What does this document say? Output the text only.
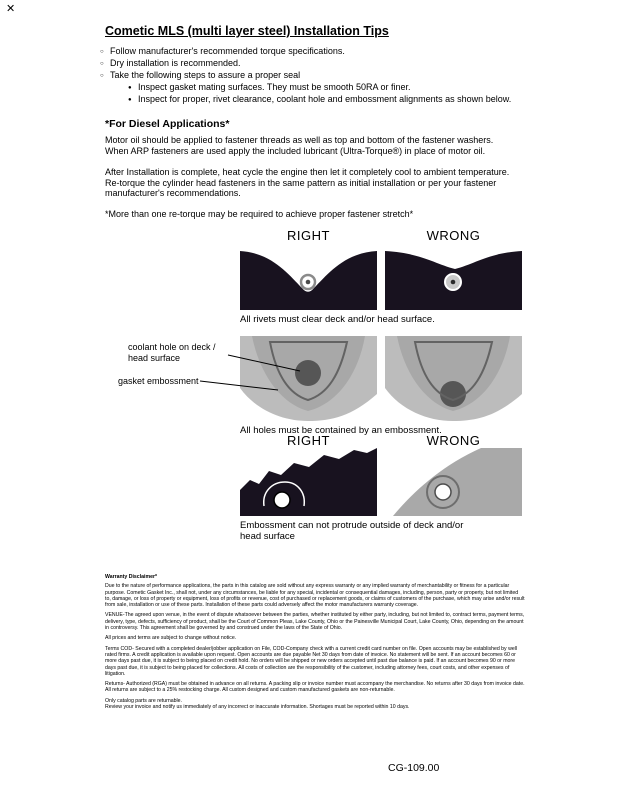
✕
Cometic MLS (multi layer steel) Installation Tips
○ Follow manufacturer's recommended torque specifications.
○ Dry installation is recommended.
○ Take the following steps to assure a proper seal
● Inspect gasket mating surfaces. They must be smooth 50RA or finer.
● Inspect for proper, rivet clearance, coolant hole and embossment alignments as shown below.
*For Diesel Applications*

Motor oil should be applied to fastener threads as well as top and bottom of the fastener washers. When ARP fasteners are used apply the included lubricant (Ultra-Torque®) in place of motor oil.

After Installation is complete, heat cycle the engine then let it completely cool to ambient temperature. Re-torque the cylinder head fasteners in the same pattern as initial installation or per your fastener manufacturer's recommendations.

*More than one re-torque may be required to achieve proper fastener stretch*

RIGHT	WRONG
All rivets must clear deck and/or head surface.
coolant hole on deck / head surface
gasket embossment
All holes must be contained by an embossment.
RIGHT	WRONG
Embossment can not protrude outside of deck and/or head surface

Warranty Disclaimer*

Due to the nature of performance applications, the parts in this catalog are sold without any express warranty or any implied warranty of merchantability or fitness for a particular purpose. Cometic Gasket Inc., shall not, under any circumstances, be liable for any special, incidental or consequential damages, including, person, party or property, but not limited to, damage, or loss of property or equipment, loss of profits or revenue, cost of purchased or replacement goods, or claims of customers of the purchase, which may arise and/or result from sale, installation or use of these parts. Installation of these parts could adversely affect the motor manufacturers warranty coverage.

VENUE-The agreed upon venue, in the event of dispute whatsoever between the parties, whether instituted by either party, including, but not limited to, contract terms, payment terms, delivery, type, defects, sufficiency of product, shall be the Court of Common Pleas, Lake County, Ohio or the Painesville Municipal Court, Lake County, Ohio, depending on the amount in controversy. This agreement shall be governed by and construed under the laws of the State of Ohio.

All prices and terms are subject to change without notice.

Terms COD- Secured with a completed dealer/jobber application on File, COD-Company check with a current credit card number on file. Open accounts may be established by well rated firms. A credit application is available upon request. Open accounts are due payable Net 30 days from date of invoice. No statement will be sent. If an account becomes 60 or more days past due, it is subject to being placed on credit hold. No orders will be shipped or new orders accepted until past due balance is paid. If an account becomes 90 or more days past due, it is subject to being placed for collections. All costs of collection are the responsibility of the customer, including attorney fees, court costs, and other expenses of litigation.

Returns- Authorized (RGA) must be obtained in advance on all returns. A packing slip or invoice number must accompany the merchandise. No returns after 30 days from invoice date. All returns are subject to a 25% restocking charge. All custom designed and custom manufactured gaskets are non-returnable.

Only catalog parts are returnable.

Review your invoice and notify us immediately of any incorrect or inaccurate information. Shortages must be reported within 10 days.

CG-109.00
